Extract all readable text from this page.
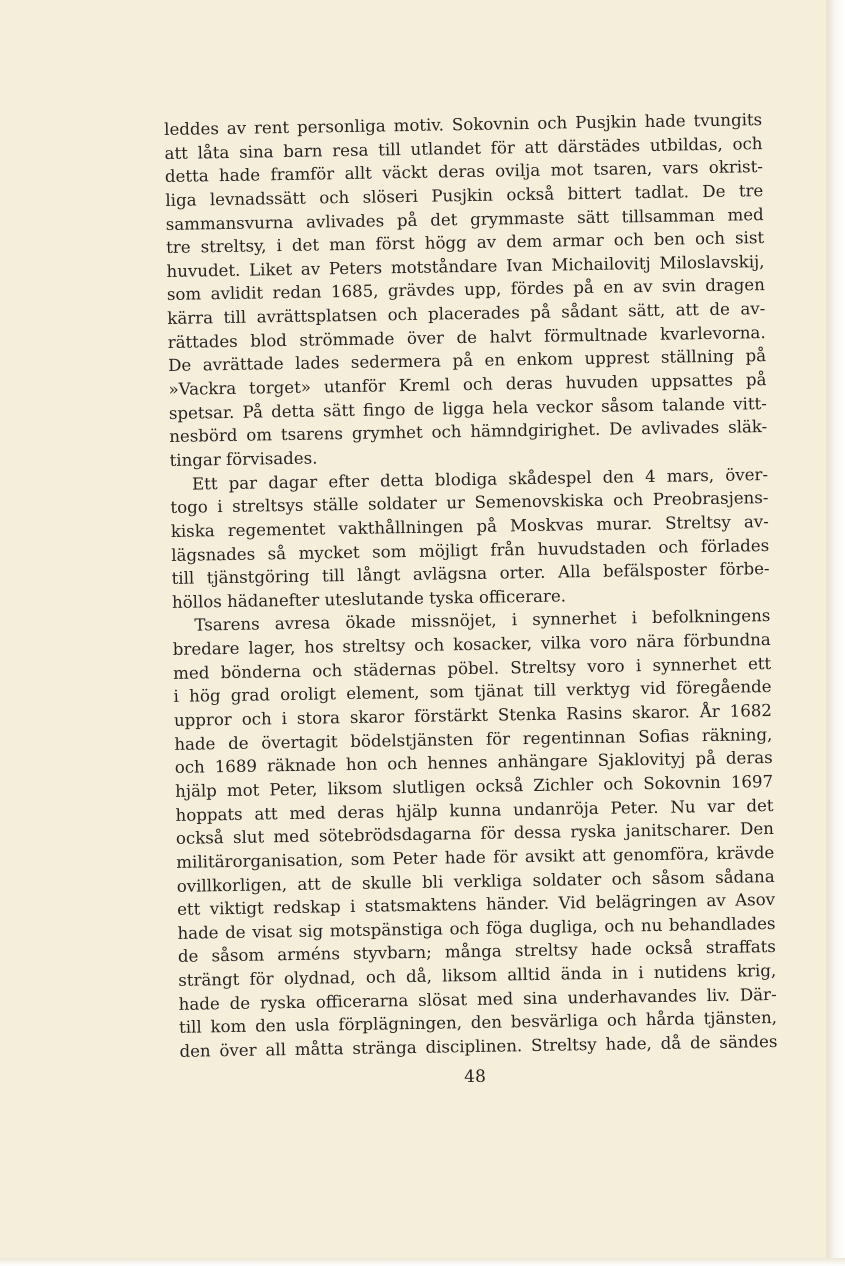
leddes av rent personliga motiv. Sokovnin och Pusjkin hade tvungits
att låta sina barn resa till utlandet för att därstädes utbildas, och
detta hade framför allt väckt deras ovilja mot tsaren, vars okrist-
liga levnadssätt och slöseri Pusjkin också bittert tadlat. De tre
sammansvurna avlivades på det grymmaste sätt tillsamman med
tre streltsy, i det man först högg av dem armar och ben och sist
huvudet. Liket av Peters motståndare Ivan Michailovitj Miloslavskij,
som avlidit redan 1685, grävdes upp, fördes på en av svin dragen
kärra till avrättsplatsen och placerades på sådant sätt, att de av-
rättades blod strömmade över de halvt förmultnade kvarlevorna.
De avrättade lades sedermera på en enkom upprest ställning på
»Vackra torget» utanför Kreml och deras huvuden uppsattes på
spetsar. På detta sätt fingo de ligga hela veckor såsom talande vitt-
nesbörd om tsarens grymhet och hämndgirighet. De avlivades släk-
tingar förvisades.
Ett par dagar efter detta blodiga skådespel den 4 mars, över-
togo i streltsys ställe soldater ur Semenovskiska och Preobrasjens-
kiska regementet vakthållningen på Moskvas murar. Streltsy av-
lägsnades så mycket som möjligt från huvudstaden och förlades
till tjänstgöring till långt avlägsna orter. Alla befälsposter förbe-
höllos hädanefter uteslutande tyska officerare.
Tsarens avresa ökade missnöjet, i synnerhet i befolkningens
bredare lager, hos streltsy och kosacker, vilka voro nära förbundna
med bönderna och städernas pöbel. Streltsy voro i synnerhet ett
i hög grad oroligt element, som tjänat till verktyg vid föregående
uppror och i stora skaror förstärkt Stenka Rasins skaror. År 1682
hade de övertagit bödelstjänsten för regentinnan Sofias räkning,
och 1689 räknade hon och hennes anhängare Sjaklovityj på deras
hjälp mot Peter, liksom slutligen också Zichler och Sokovnin 1697
hoppats att med deras hjälp kunna undanröja Peter. Nu var det
också slut med sötebrödsdagarna för dessa ryska janitscharer. Den
militärorganisation, som Peter hade för avsikt att genomföra, krävde
ovillkorligen, att de skulle bli verkliga soldater och såsom sådana
ett viktigt redskap i statsmaktens händer. Vid belägringen av Asov
hade de visat sig motspänstiga och föga dugliga, och nu behandlades
de såsom arméns styvbarn; många streltsy hade också straffats
strängt för olydnad, och då, liksom alltid ända in i nutidens krig,
hade de ryska officerarna slösat med sina underhavandes liv. Där-
till kom den usla förplägningen, den besvärliga och hårda tjänsten,
den över all måtta stränga disciplinen. Streltsy hade, då de sändes
48
